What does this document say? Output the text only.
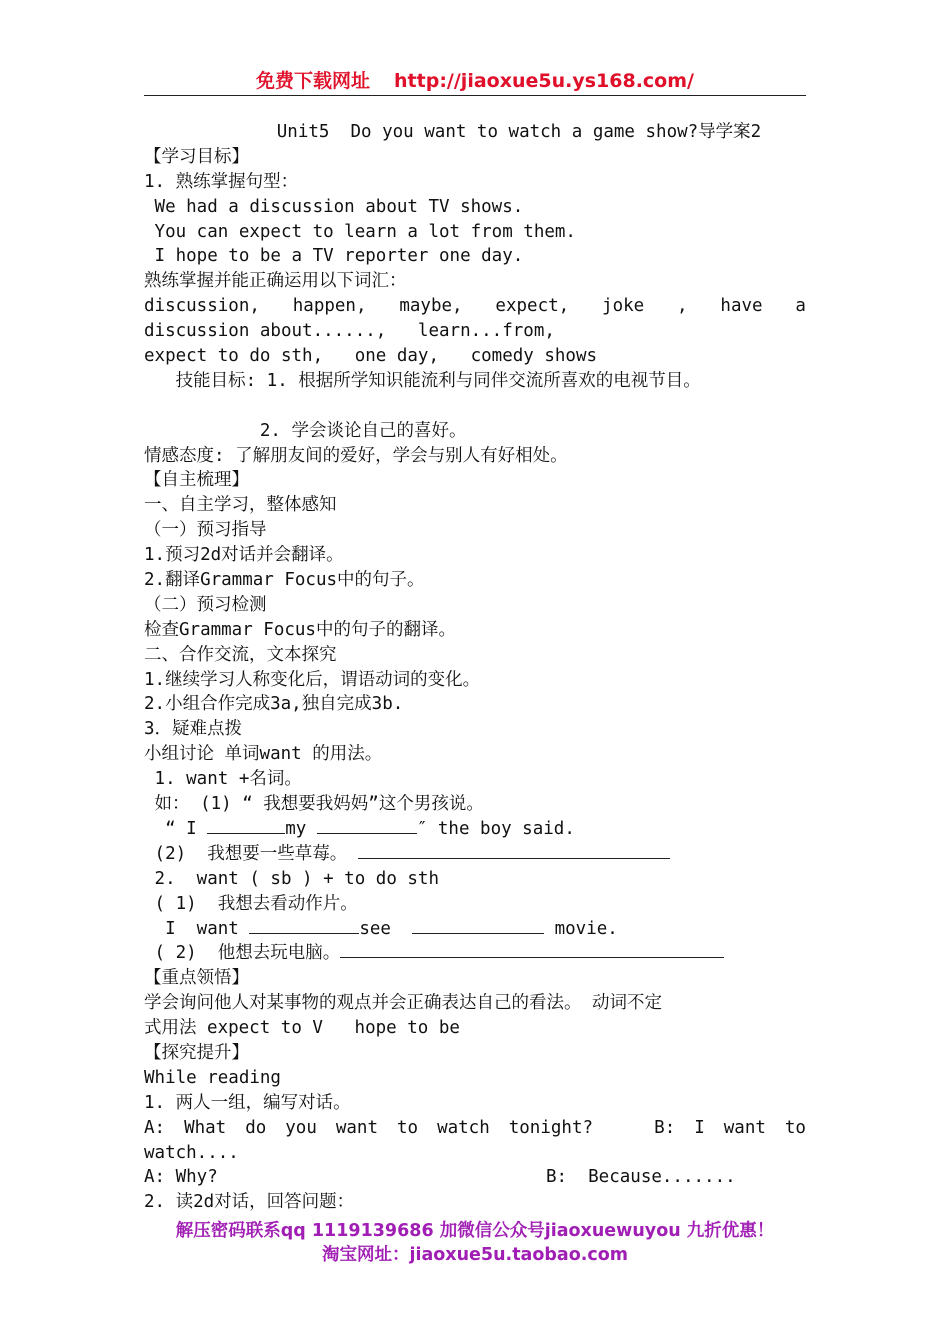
免费下载网址 http://jiaoxue5u.ys168.com/
Unit5  Do you want to watch a game show?导学案2
【学习目标】
1. 熟练掌握句型：
We had a discussion about TV shows.
You can expect to learn a lot from them.
I hope to be a TV reporter one day.
熟练掌握并能正确运用以下词汇：
discussion, happen, maybe, expect, joke , have a
discussion about......,   learn...from,
expect to do sth,   one day,   comedy shows
技能目标: 1. 根据所学知识能流利与同伴交流所喜欢的电视节目。
2. 学会谈论自己的喜好。
情感态度: 了解朋友间的爱好，学会与别人有好相处。
【自主梳理】
一、自主学习，整体感知
（一）预习指导
1.预习2d对话并会翻译。
2.翻译Grammar Focus中的句子。
（二）预习检测
检查Grammar Focus中的句子的翻译。
二、合作交流，文本探究
1.继续学习人称变化后，谓语动词的变化。
2.小组合作完成3a,独自完成3b.
3．疑难点拨
小组讨论 单词want 的用法。
1. want +名词。
如： (1) “ 我想要我妈妈”这个男孩说。
“ I	my	″ the boy said.
(2)  我想要一些草莓。
2.  want ( sb ) + to do sth
( 1)  我想去看动作片。
I  want	see	movie.
( 2)  他想去玩电脑。
【重点领悟】
学会询问他人对某事物的观点并会正确表达自己的看法。 动词不定
式用法 expect to V   hope to be
【探究提升】
While reading
1. 两人一组，编写对话。
A: What do you want to watch tonight? B: I want to
watch....
A: Why?	B:  Because.......
2. 读2d对话，回答问题：
解压密码联系qq 1119139686 加微信公众号jiaoxuewuyou 九折优惠！
淘宝网址：jiaoxue5u.taobao.com
